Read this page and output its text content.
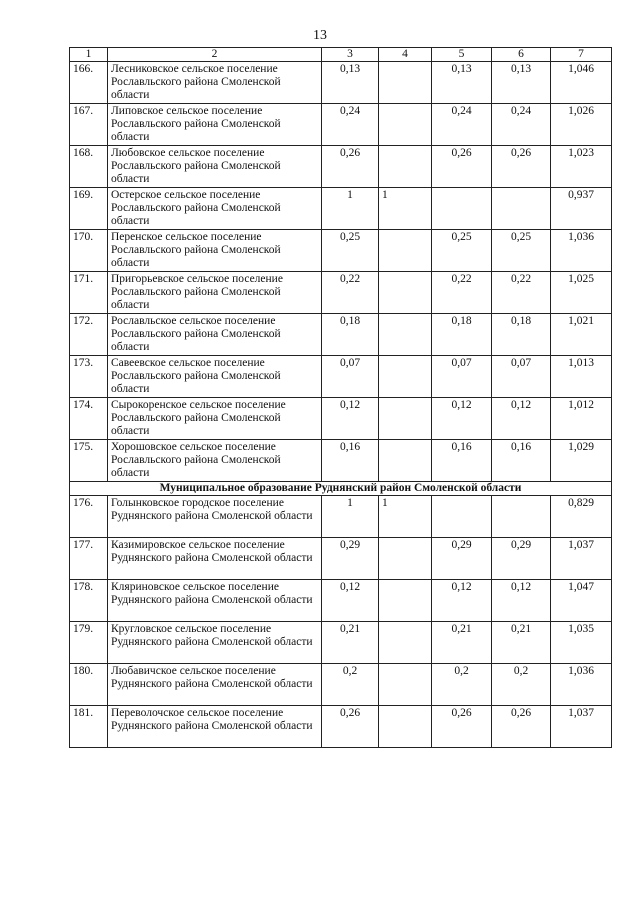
13
1	2	3	4	5	6	7
166.	Лесниковское сельское поселение Рославльского района Смоленской области	0,13		0,13	0,13	1,046
167.	Липовское сельское поселение Рославльского района Смоленской области	0,24		0,24	0,24	1,026
168.	Любовское сельское поселение Рославльского района Смоленской области	0,26		0,26	0,26	1,023
169.	Остерское сельское поселение Рославльского района Смоленской области	1	1			0,937
170.	Перенское сельское поселение Рославльского района Смоленской области	0,25		0,25	0,25	1,036
171.	Пригорьевское сельское поселение Рославльского района Смоленской области	0,22		0,22	0,22	1,025
172.	Рославльское сельское поселение Рославльского района Смоленской области	0,18		0,18	0,18	1,021
173.	Савеевское сельское поселение Рославльского района Смоленской области	0,07		0,07	0,07	1,013
174.	Сырокоренское сельское поселение Рославльского района Смоленской области	0,12		0,12	0,12	1,012
175.	Хорошовское сельское поселение Рославльского района Смоленской области	0,16		0,16	0,16	1,029
Муниципальное образование Руднянский район Смоленской области						
176.	Голынковское городское поселение Руднянского района Смоленской области	1	1			0,829
177.	Казимировское сельское поселение Руднянского района Смоленской области	0,29		0,29	0,29	1,037
178.	Кляриновское сельское поселение Руднянского района Смоленской области	0,12		0,12	0,12	1,047
179.	Кругловское сельское поселение Руднянского района Смоленской области	0,21		0,21	0,21	1,035
180.	Любавичское сельское поселение Руднянского района Смоленской области	0,2		0,2	0,2	1,036
181.	Переволочское сельское поселение Руднянского района Смоленской области	0,26		0,26	0,26	1,037
